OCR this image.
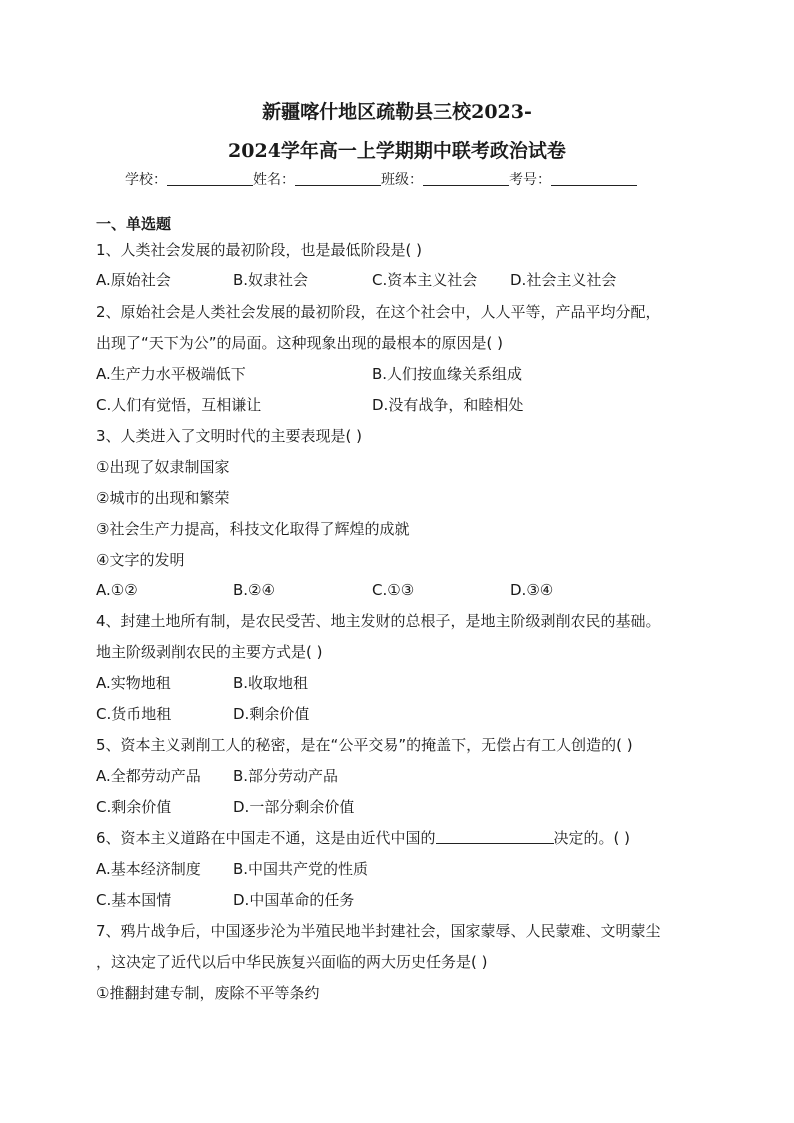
新疆喀什地区疏勒县三校2023-
2024学年高一上学期期中联考政治试卷
学校：	姓名：	班级：	考号：
一、单选题
1、人类社会发展的最初阶段，也是最低阶段是( )
A.原始社会	B.奴隶社会	C.资本主义社会 D.社会主义社会
2、原始社会是人类社会发展的最初阶段，在这个社会中，人人平等，产品平均分配，
出现了“天下为公”的局面。这种现象出现的最根本的原因是( )
A.生产力水平极端低下	B.人们按血缘关系组成
C.人们有觉悟，互相谦让	D.没有战争，和睦相处
3、人类进入了文明时代的主要表现是( )
①出现了奴隶制国家
②城市的出现和繁荣
③社会生产力提高，科技文化取得了辉煌的成就
④文字的发明
A.①②	B.②④	C.①③	D.③④
4、封建土地所有制，是农民受苦、地主发财的总根子，是地主阶级剥削农民的基础。
地主阶级剥削农民的主要方式是( )
A.实物地租	B.收取地租
C.货币地租	D.剩余价值
5、资本主义剥削工人的秘密，是在“公平交易”的掩盖下，无偿占有工人创造的( )
A.全都劳动产品 B.部分劳动产品
C.剩余价值	D.一部分剩余价值
6、资本主义道路在中国走不通，这是由近代中国的	决定的。( )
A.基本经济制度 B.中国共产党的性质
C.基本国情	D.中国革命的任务
7、鸦片战争后，中国逐步沦为半殖民地半封建社会，国家蒙辱、人民蒙难、文明蒙尘
，这决定了近代以后中华民族复兴面临的两大历史任务是( )
①推翻封建专制，废除不平等条约
